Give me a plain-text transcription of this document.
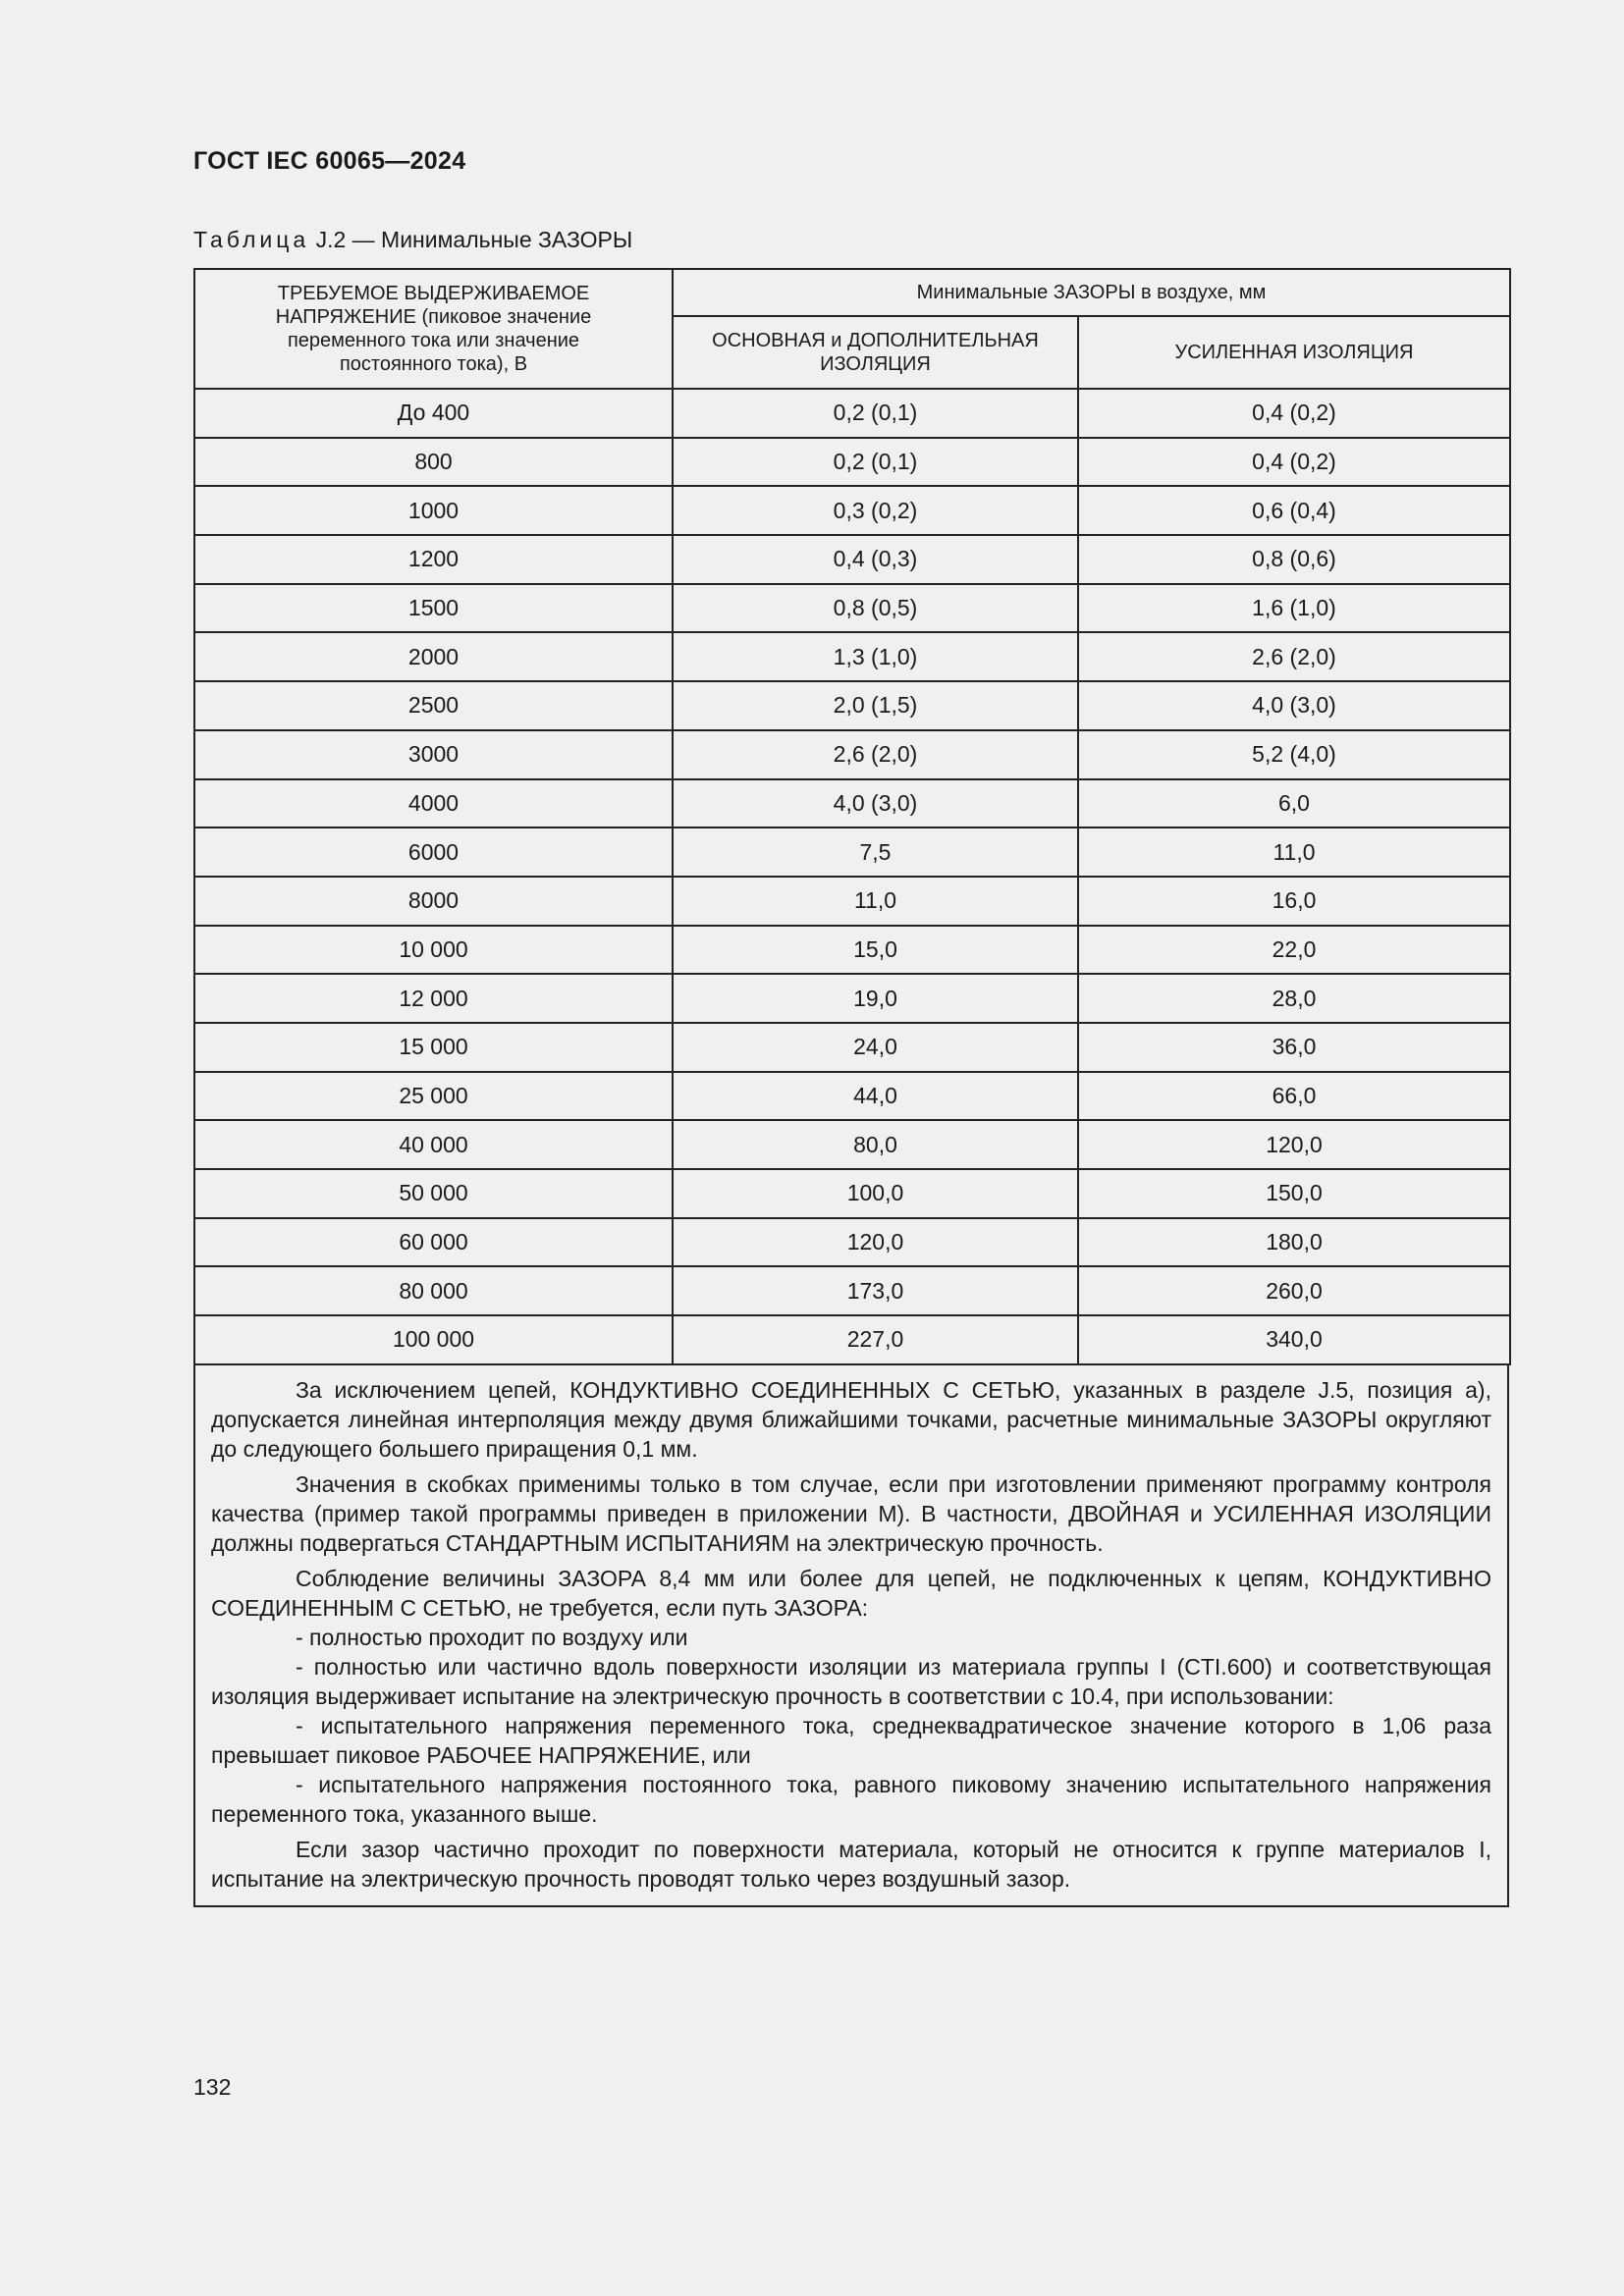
ГОСТ IEC 60065—2024
Таблица J.2 — Минимальные ЗАЗОРЫ
ТРЕБУЕМОЕ ВЫДЕРЖИВАЕМОЕ НАПРЯЖЕНИЕ (пиковое значение переменного тока или значение постоянного тока), В	Минимальные ЗАЗОРЫ в воздухе, мм	
	ОСНОВНАЯ и ДОПОЛНИТЕЛЬНАЯ ИЗОЛЯЦИЯ	УСИЛЕННАЯ ИЗОЛЯЦИЯ
До 400	0,2 (0,1)	0,4 (0,2)
800	0,2 (0,1)	0,4 (0,2)
1000	0,3 (0,2)	0,6 (0,4)
1200	0,4 (0,3)	0,8 (0,6)
1500	0,8 (0,5)	1,6 (1,0)
2000	1,3 (1,0)	2,6 (2,0)
2500	2,0 (1,5)	4,0 (3,0)
3000	2,6 (2,0)	5,2 (4,0)
4000	4,0 (3,0)	6,0
6000	7,5	11,0
8000	11,0	16,0
10 000	15,0	22,0
12 000	19,0	28,0
15 000	24,0	36,0
25 000	44,0	66,0
40 000	80,0	120,0
50 000	100,0	150,0
60 000	120,0	180,0
80 000	173,0	260,0
100 000	227,0	340,0

За исключением цепей, КОНДУКТИВНО СОЕДИНЕННЫХ С СЕТЬЮ, указанных в разделе J.5, позиция а), допускается линейная интерполяция между двумя ближайшими точками, расчетные минимальные ЗАЗОРЫ округляют до следующего большего приращения 0,1 мм.

Значения в скобках применимы только в том случае, если при изготовлении применяют программу контроля качества (пример такой программы приведен в приложении M). В частности, ДВОЙНАЯ и УСИЛЕННАЯ ИЗОЛЯЦИИ должны подвергаться СТАНДАРТНЫМ ИСПЫТАНИЯМ на электрическую прочность.

Соблюдение величины ЗАЗОРА 8,4 мм или более для цепей, не подключенных к цепям, КОНДУКТИВНО СОЕДИНЕННЫМ С СЕТЬЮ, не требуется, если путь ЗАЗОРА:
- полностью проходит по воздуху или
- полностью или частично вдоль поверхности изоляции из материала группы I (CTI.600) и соответствующая изоляция выдерживает испытание на электрическую прочность в соответствии с 10.4, при использовании:
- испытательного напряжения переменного тока, среднеквадратическое значение которого в 1,06 раза превышает пиковое РАБОЧЕЕ НАПРЯЖЕНИЕ, или
- испытательного напряжения постоянного тока, равного пиковому значению испытательного напряжения переменного тока, указанного выше.

Если зазор частично проходит по поверхности материала, который не относится к группе материалов I, испытание на электрическую прочность проводят только через воздушный зазор.

132
